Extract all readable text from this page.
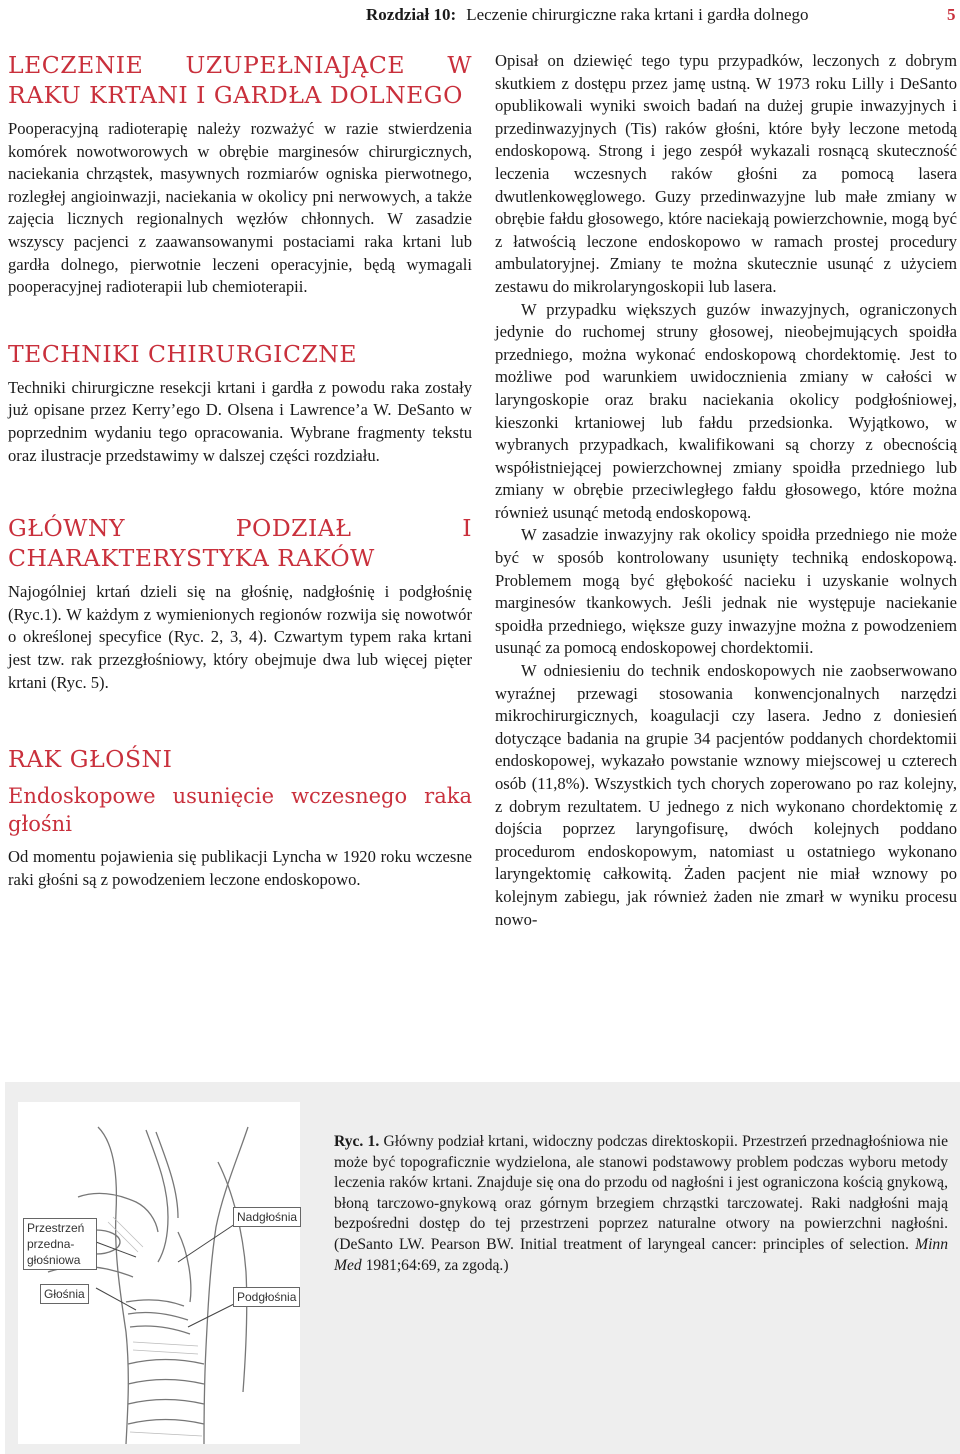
Rozdział 10: Leczenie chirurgiczne raka krtani i gardła dolnego	5
LECZENIE UZUPEŁNIAJĄCE W RAKU KRTANI I GARDŁA DOLNEGO

Pooperacyjną radioterapię należy rozważyć w razie stwierdzenia komórek nowotworowych w obrębie marginesów chirurgicznych, naciekania chrząstek, masywnych rozmiarów ogniska pierwotnego, rozległej angioinwazji, naciekania w okolicy pni nerwowych, a także zajęcia licznych regionalnych węzłów chłonnych. W zasadzie wszyscy pacjenci z zaawansowanymi postaciami raka krtani lub gardła dolnego, pierwotnie leczeni operacyjnie, będą wymagali pooperacyjnej radioterapii lub chemioterapii.

TECHNIKI CHIRURGICZNE

Techniki chirurgiczne resekcji krtani i gardła z powodu raka zostały już opisane przez Kerry’ego D. Olsena i Lawrence’a W. DeSanto w poprzednim wydaniu tego opracowania. Wybrane fragmenty tekstu oraz ilustracje przedstawimy w dalszej części rozdziału.

GŁÓWNY PODZIAŁ I CHARAKTERYSTYKA RAKÓW

Najogólniej krtań dzieli się na głośnię, nadgłośnię i podgłośnię (Ryc.1). W każdym z wymienionych regionów rozwija się nowotwór o określonej specyfice (Ryc. 2, 3, 4). Czwartym typem raka krtani jest tzw. rak przezgłośniowy, który obejmuje dwa lub więcej pięter krtani (Ryc. 5).

RAK GŁOŚNI
Endoskopowe usunięcie wczesnego raka głośni

Od momentu pojawienia się publikacji Lyncha w 1920 roku wczesne raki głośni są z powodzeniem leczone endoskopowo.

Opisał on dziewięć tego typu przypadków, leczonych z dobrym skutkiem z dostępu przez jamę ustną. W 1973 roku Lilly i DeSanto opublikowali wyniki swoich badań na dużej grupie inwazyjnych i przedinwazyjnych (Tis) raków głośni, które były leczone metodą endoskopową. Strong i jego zespół wykazali rosnącą skuteczność leczenia wczesnych raków głośni za pomocą lasera dwutlenkowęglowego. Guzy przedinwazyjne lub małe zmiany w obrębie fałdu głosowego, które naciekają powierzchownie, mogą być z łatwością leczone endoskopowo w ramach prostej procedury ambulatoryjnej. Zmiany te można skutecznie usunąć z użyciem zestawu do mikrolaryngoskopii lub lasera.

W przypadku większych guzów inwazyjnych, ograniczonych jedynie do ruchomej struny głosowej, nieobejmujących spoidła przedniego, można wykonać endoskopową chordektomię. Jest to możliwe pod warunkiem uwidocznienia zmiany w całości w laryngoskopie oraz braku naciekania okolicy podgłośniowej, kieszonki krtaniowej lub fałdu przedsionka. Wyjątkowo, w wybranych przypadkach, kwalifikowani są chorzy z obecnością współistniejącej powierzchownej zmiany spoidła przedniego lub zmiany w obrębie przeciwległego fałdu głosowego, które można również usunąć metodą endoskopową.

W zasadzie inwazyjny rak okolicy spoidła przedniego nie może być w sposób kontrolowany usunięty techniką endoskopową. Problemem mogą być głębokość nacieku i uzyskanie wolnych marginesów tkankowych. Jeśli jednak nie występuje naciekanie spoidła przedniego, większe guzy inwazyjne można z powodzeniem usunąć za pomocą endoskopowej chordektomii.

W odniesieniu do technik endoskopowych nie zaobserwowano wyraźnej przewagi stosowania konwencjonalnych narzędzi mikrochirurgicznych, koagulacji czy lasera. Jedno z doniesień dotyczące badania na grupie 34 pacjentów poddanych chordektomii endoskopowej, wykazało powstanie wznowy miejscowej u czterech osób (11,8%). Wszystkich tych chorych zoperowano po raz kolejny, z dobrym rezultatem. U jednego z nich wykonano chordektomię z dojścia poprzez laryngofisurę, dwóch kolejnych poddano procedurom endoskopowym, natomiast u ostatniego wykonano laryngektomię całkowitą. Żaden pacjent nie miał wznowy po kolejnym zabiegu, jak również żaden nie zmarł w wyniku procesu nowo-

Przestrzeń przedna- głośniowa
Głośnia
Nadgłośnia
Podgłośnia
Ryc. 1. Główny podział krtani, widoczny podczas direktoskopii. Przestrzeń przednagłośniowa nie może być topograficznie wydzielona, ale stanowi podstawowy problem podczas wyboru metody leczenia raków krtani. Znajduje się ona do przodu od nagłośni i jest ograniczona kością gnykową, błoną tarczowo-gnykową oraz górnym brzegiem chrząstki tarczowatej. Raki nadgłośni mają bezpośredni dostęp do tej przestrzeni poprzez naturalne otwory na powierzchni nagłośni. (DeSanto LW. Pearson BW. Initial treatment of laryngeal cancer: principles of selection. Minn Med 1981;64:69, za zgodą.)
